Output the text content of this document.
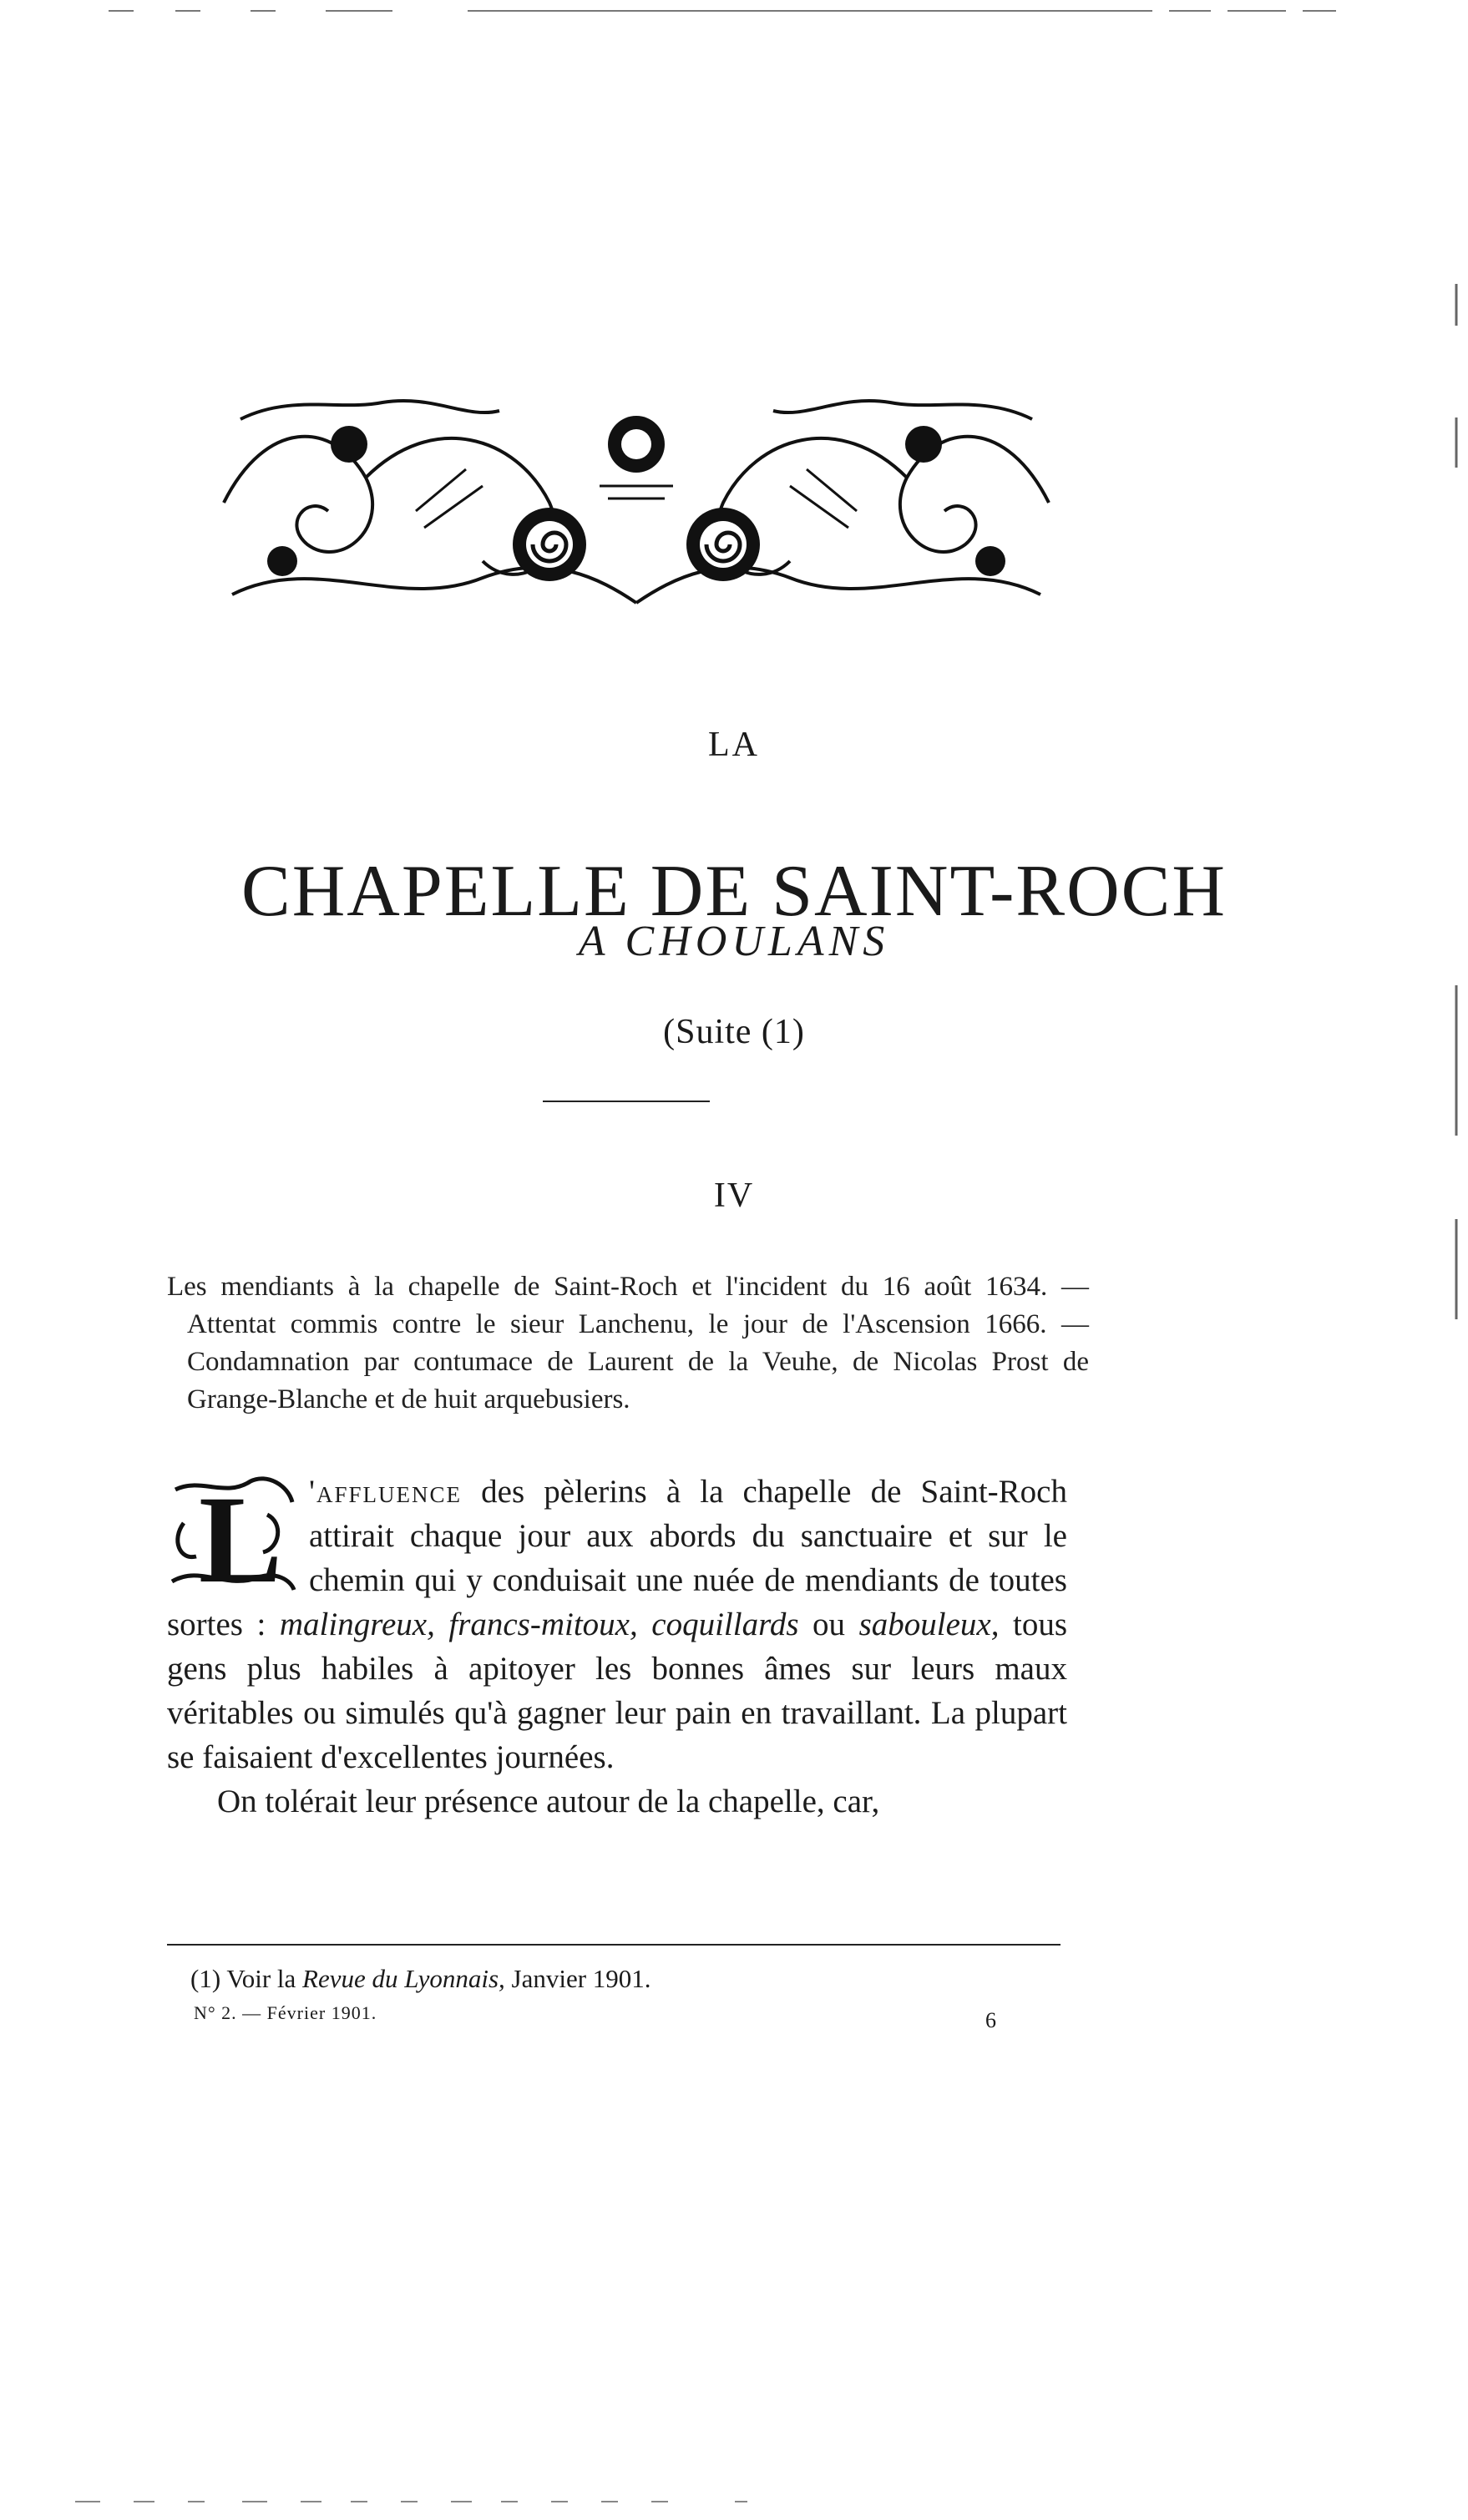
LA
CHAPELLE DE SAINT-ROCH
A CHOULANS
(Suite (1)
IV

Les mendiants à la chapelle de Saint-Roch et l'incident du 16 août 1634. — Attentat commis contre le sieur Lanchenu, le jour de l'Ascension 1666. — Condamnation par contumace de Laurent de la Veuhe, de Nicolas Prost de Grange-Blanche et de huit arquebusiers.

L 'affluence des pèlerins à la chapelle de Saint-Roch attirait chaque jour aux abords du sanctuaire et sur le chemin qui y conduisait une nuée de mendiants de toutes sortes : malingreux, francs-mitoux, coquillards ou sabouleux, tous gens plus habiles à apitoyer les bonnes âmes sur leurs maux véritables ou simulés qu'à gagner leur pain en travaillant. La plupart se faisaient d'excellentes journées.

On tolérait leur présence autour de la chapelle, car,

(1) Voir la Revue du Lyonnais, Janvier 1901.
N° 2. — Février 1901.	6
